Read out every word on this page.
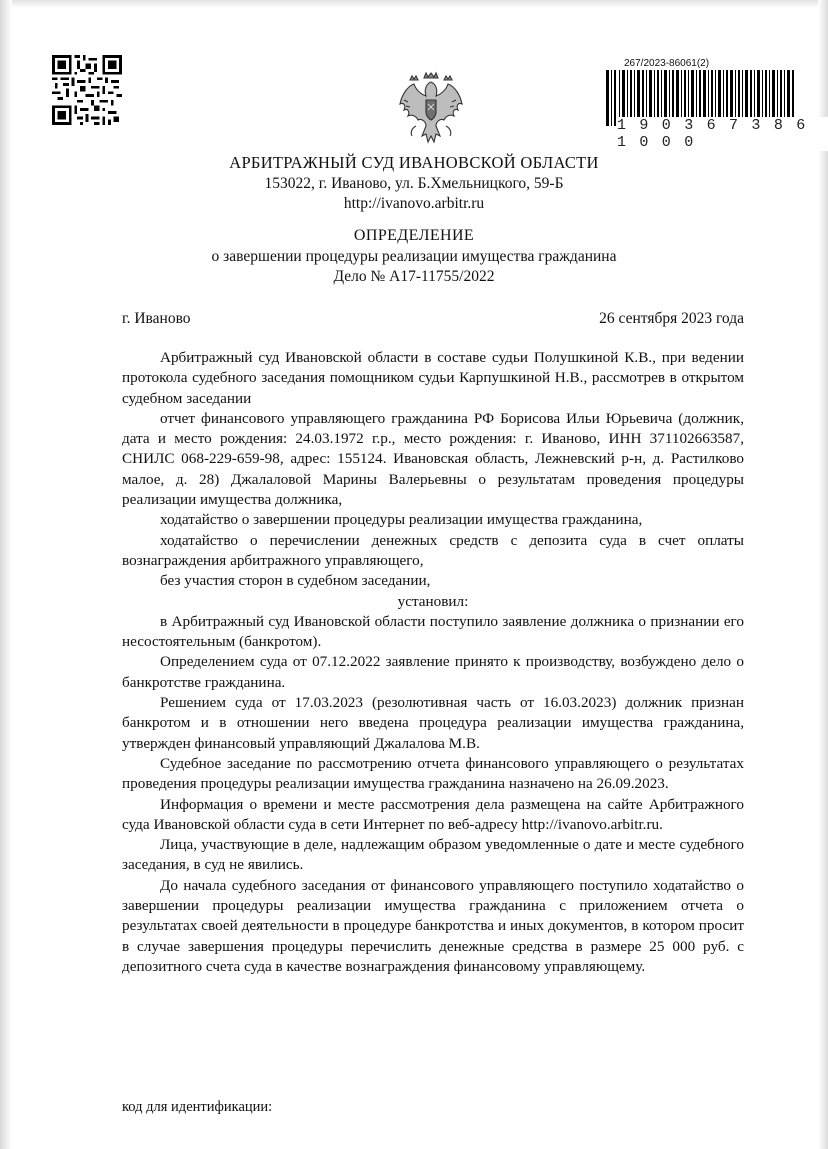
267/2023-86061(2)
1 9 0 3 6 7 3 8 6 1 0 0 0
АРБИТРАЖНЫЙ СУД ИВАНОВСКОЙ ОБЛАСТИ
153022, г. Иваново, ул. Б.Хмельницкого, 59-Б
http://ivanovo.arbitr.ru
ОПРЕДЕЛЕНИЕ
о завершении процедуры реализации имущества гражданина
Дело № А17-11755/2022
г. Иваново	26 сентября 2023 года

Арбитражный суд Ивановской области в составе судьи Полушкиной К.В., при ведении протокола судебного заседания помощником судьи Карпушкиной Н.В., рассмотрев в открытом судебном заседании

отчет финансового управляющего гражданина РФ Борисова Ильи Юрьевича (должник, дата и место рождения: 24.03.1972 г.р., место рождения: г. Иваново, ИНН 371102663587, СНИЛС 068-229-659-98, адрес: 155124. Ивановская область, Лежневский р-н, д. Растилково малое, д. 28) Джалаловой Марины Валерьевны о результатам проведения процедуры реализации имущества должника,

ходатайство о завершении процедуры реализации имущества гражданина,

ходатайство о перечислении денежных средств с депозита суда в счет оплаты вознаграждения арбитражного управляющего,

без участия сторон в судебном заседании,

установил:

в Арбитражный суд Ивановской области поступило заявление должника о признании его несостоятельным (банкротом).

Определением суда от 07.12.2022 заявление принято к производству, возбуждено дело о банкротстве гражданина.

Решением суда от 17.03.2023 (резолютивная часть от 16.03.2023) должник признан банкротом и в отношении него введена процедура реализации имущества гражданина, утвержден финансовый управляющий Джалалова М.В.

Судебное заседание по рассмотрению отчета финансового управляющего о результатах проведения процедуры реализации имущества гражданина назначено на 26.09.2023.

Информация о времени и месте рассмотрения дела размещена на сайте Арбитражного суда Ивановской области суда в сети Интернет по веб-адресу http://ivanovo.arbitr.ru.

Лица, участвующие в деле, надлежащим образом уведомленные о дате и месте судебного заседания, в суд не явились.

До начала судебного заседания от финансового управляющего поступило ходатайство о завершении процедуры реализации имущества гражданина с приложением отчета о результатах своей деятельности в процедуре банкротства и иных документов, в котором просит в случае завершения процедуры перечислить денежные средства в размере 25 000 руб. с депозитного счета суда в качестве вознаграждения финансовому управляющему.

код для идентификации:
